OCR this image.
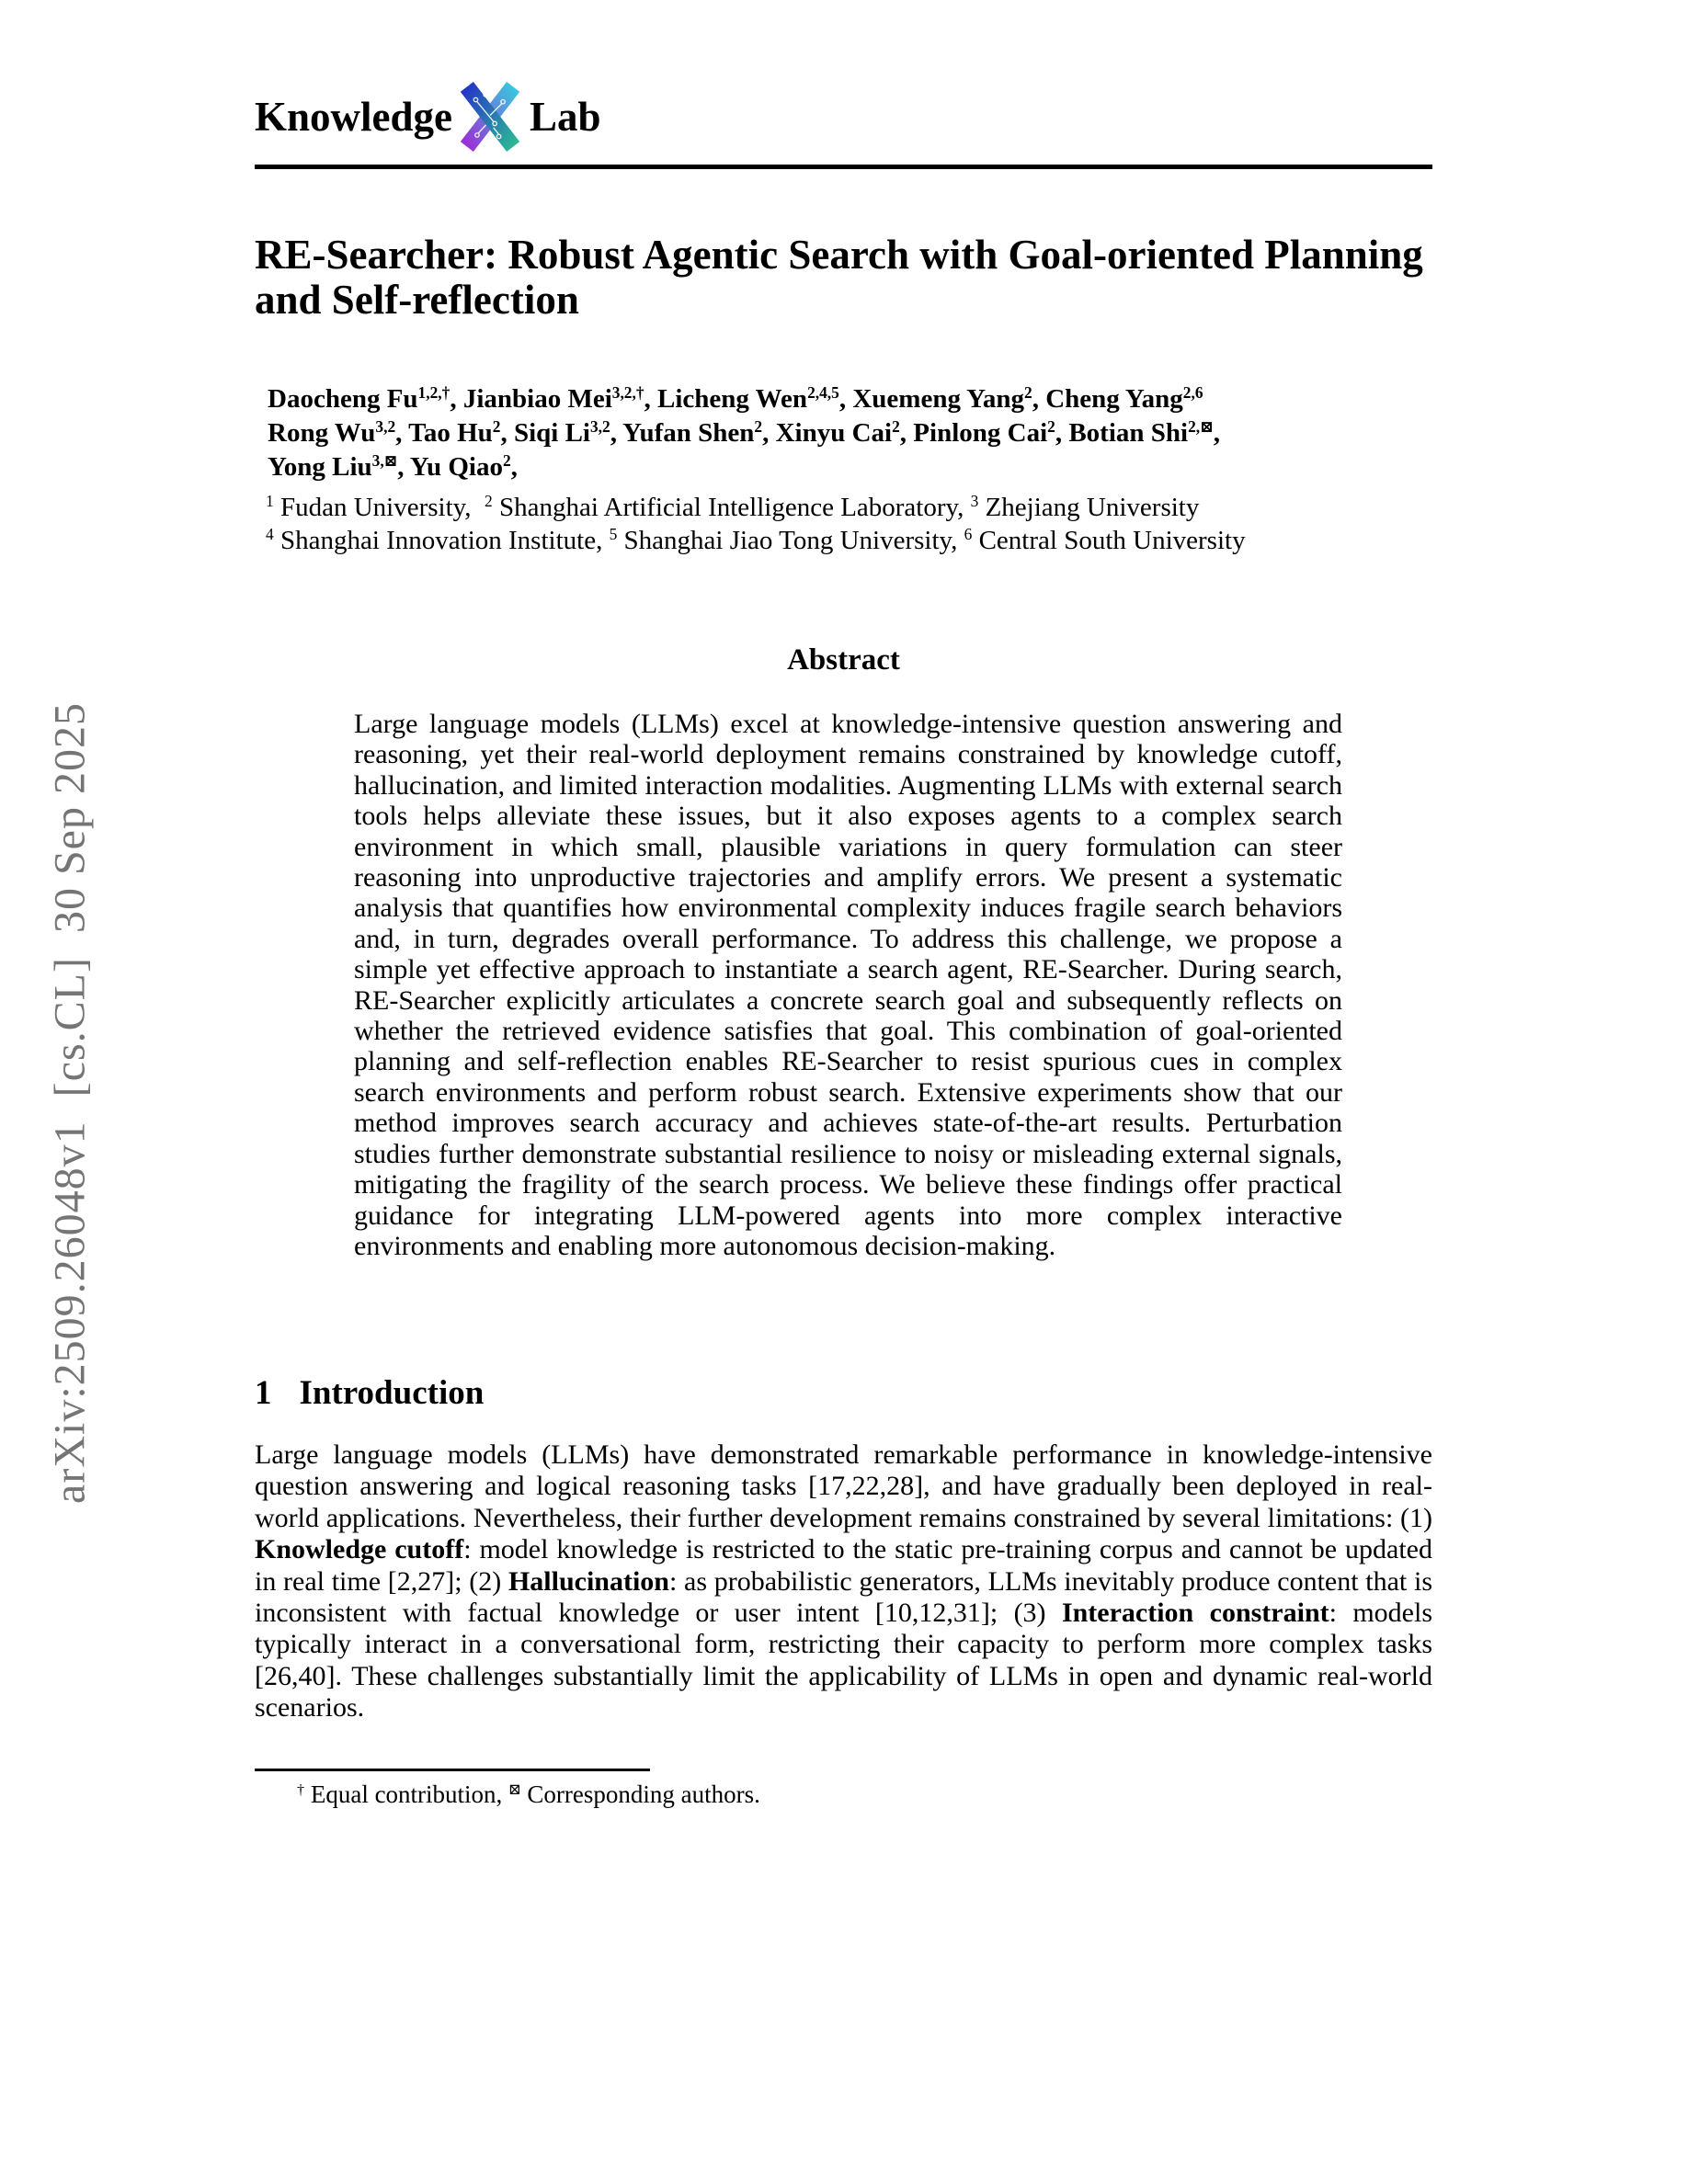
arXiv:2509.26048v1  [cs.CL]  30 Sep 2025
Knowledge Lab
RE-Searcher: Robust Agentic Search with Goal-oriented Planning
and Self-reflection
Daocheng $Fu^{1,2,\dagger}$, Jianbiao Mei$^{3,2,\dagger}$, Licheng Wen$^{2,4,5}$, Xuemeng Yang$^2$, Cheng Yang$^{2,6}$
Rong Wu$^{3,2}$, Tao Hu$^2$, Siqi Li$^{3,2}$, Yufan Shen$^2$, Xinyu Cai$^2$, Pinlong Cai$^2$, Botian Shi$^{2,⊠}$,
Yong Liu$^{3,⊠}$, Yu Qiao$^2$,
$^1$ Fudan University,  $^2$ Shanghai Artificial Intelligence Laboratory, $^3$ Zhejiang University
$^4$ Shanghai Innovation Institute, $^5$ Shanghai Jiao Tong University, $^6$ Central South University
Abstract
Large language models (LLMs) excel at knowledge-intensive question answering and reasoning, yet their real-world deployment remains constrained by knowledge cutoff, hallucination, and limited interaction modalities. Augmenting LLMs with external search tools helps alleviate these issues, but it also exposes agents to a complex search environment in which small, plausible variations in query formulation can steer reasoning into unproductive trajectories and amplify errors. We present a systematic analysis that quantifies how environmental complexity induces fragile search behaviors and, in turn, degrades overall performance. To address this challenge, we propose a simple yet effective approach to instantiate a search agent, RE-Searcher. During search, RE-Searcher explicitly articulates a concrete search goal and subsequently reflects on whether the retrieved evidence satisfies that goal. This combination of goal-oriented planning and self-reflection enables RE-Searcher to resist spurious cues in complex search environments and perform robust search. Extensive experiments show that our method improves search accuracy and achieves state-of-the-art results. Perturbation studies further demonstrate substantial resilience to noisy or misleading external signals, mitigating the fragility of the search process. We believe these findings offer practical guidance for integrating LLM-powered agents into more complex interactive environments and enabling more autonomous decision-making.
1 Introduction
Large language models (LLMs) have demonstrated remarkable performance in knowledge-intensive question answering and logical reasoning tasks [17,22,28], and have gradually been deployed in real-world applications. Nevertheless, their further development remains constrained by several limitations: (1) Knowledge cutoff: model knowledge is restricted to the static pre-training corpus and cannot be updated in real time [2,27]; (2) Hallucination: as probabilistic generators, LLMs inevitably produce content that is inconsistent with factual knowledge or user intent [10,12,31]; (3) Interaction constraint: models typically interact in a conversational form, restricting their capacity to perform more complex tasks [26,40]. These challenges substantially limit the applicability of LLMs in open and dynamic real-world scenarios.
† Equal contribution, ⊠ Corresponding authors.
